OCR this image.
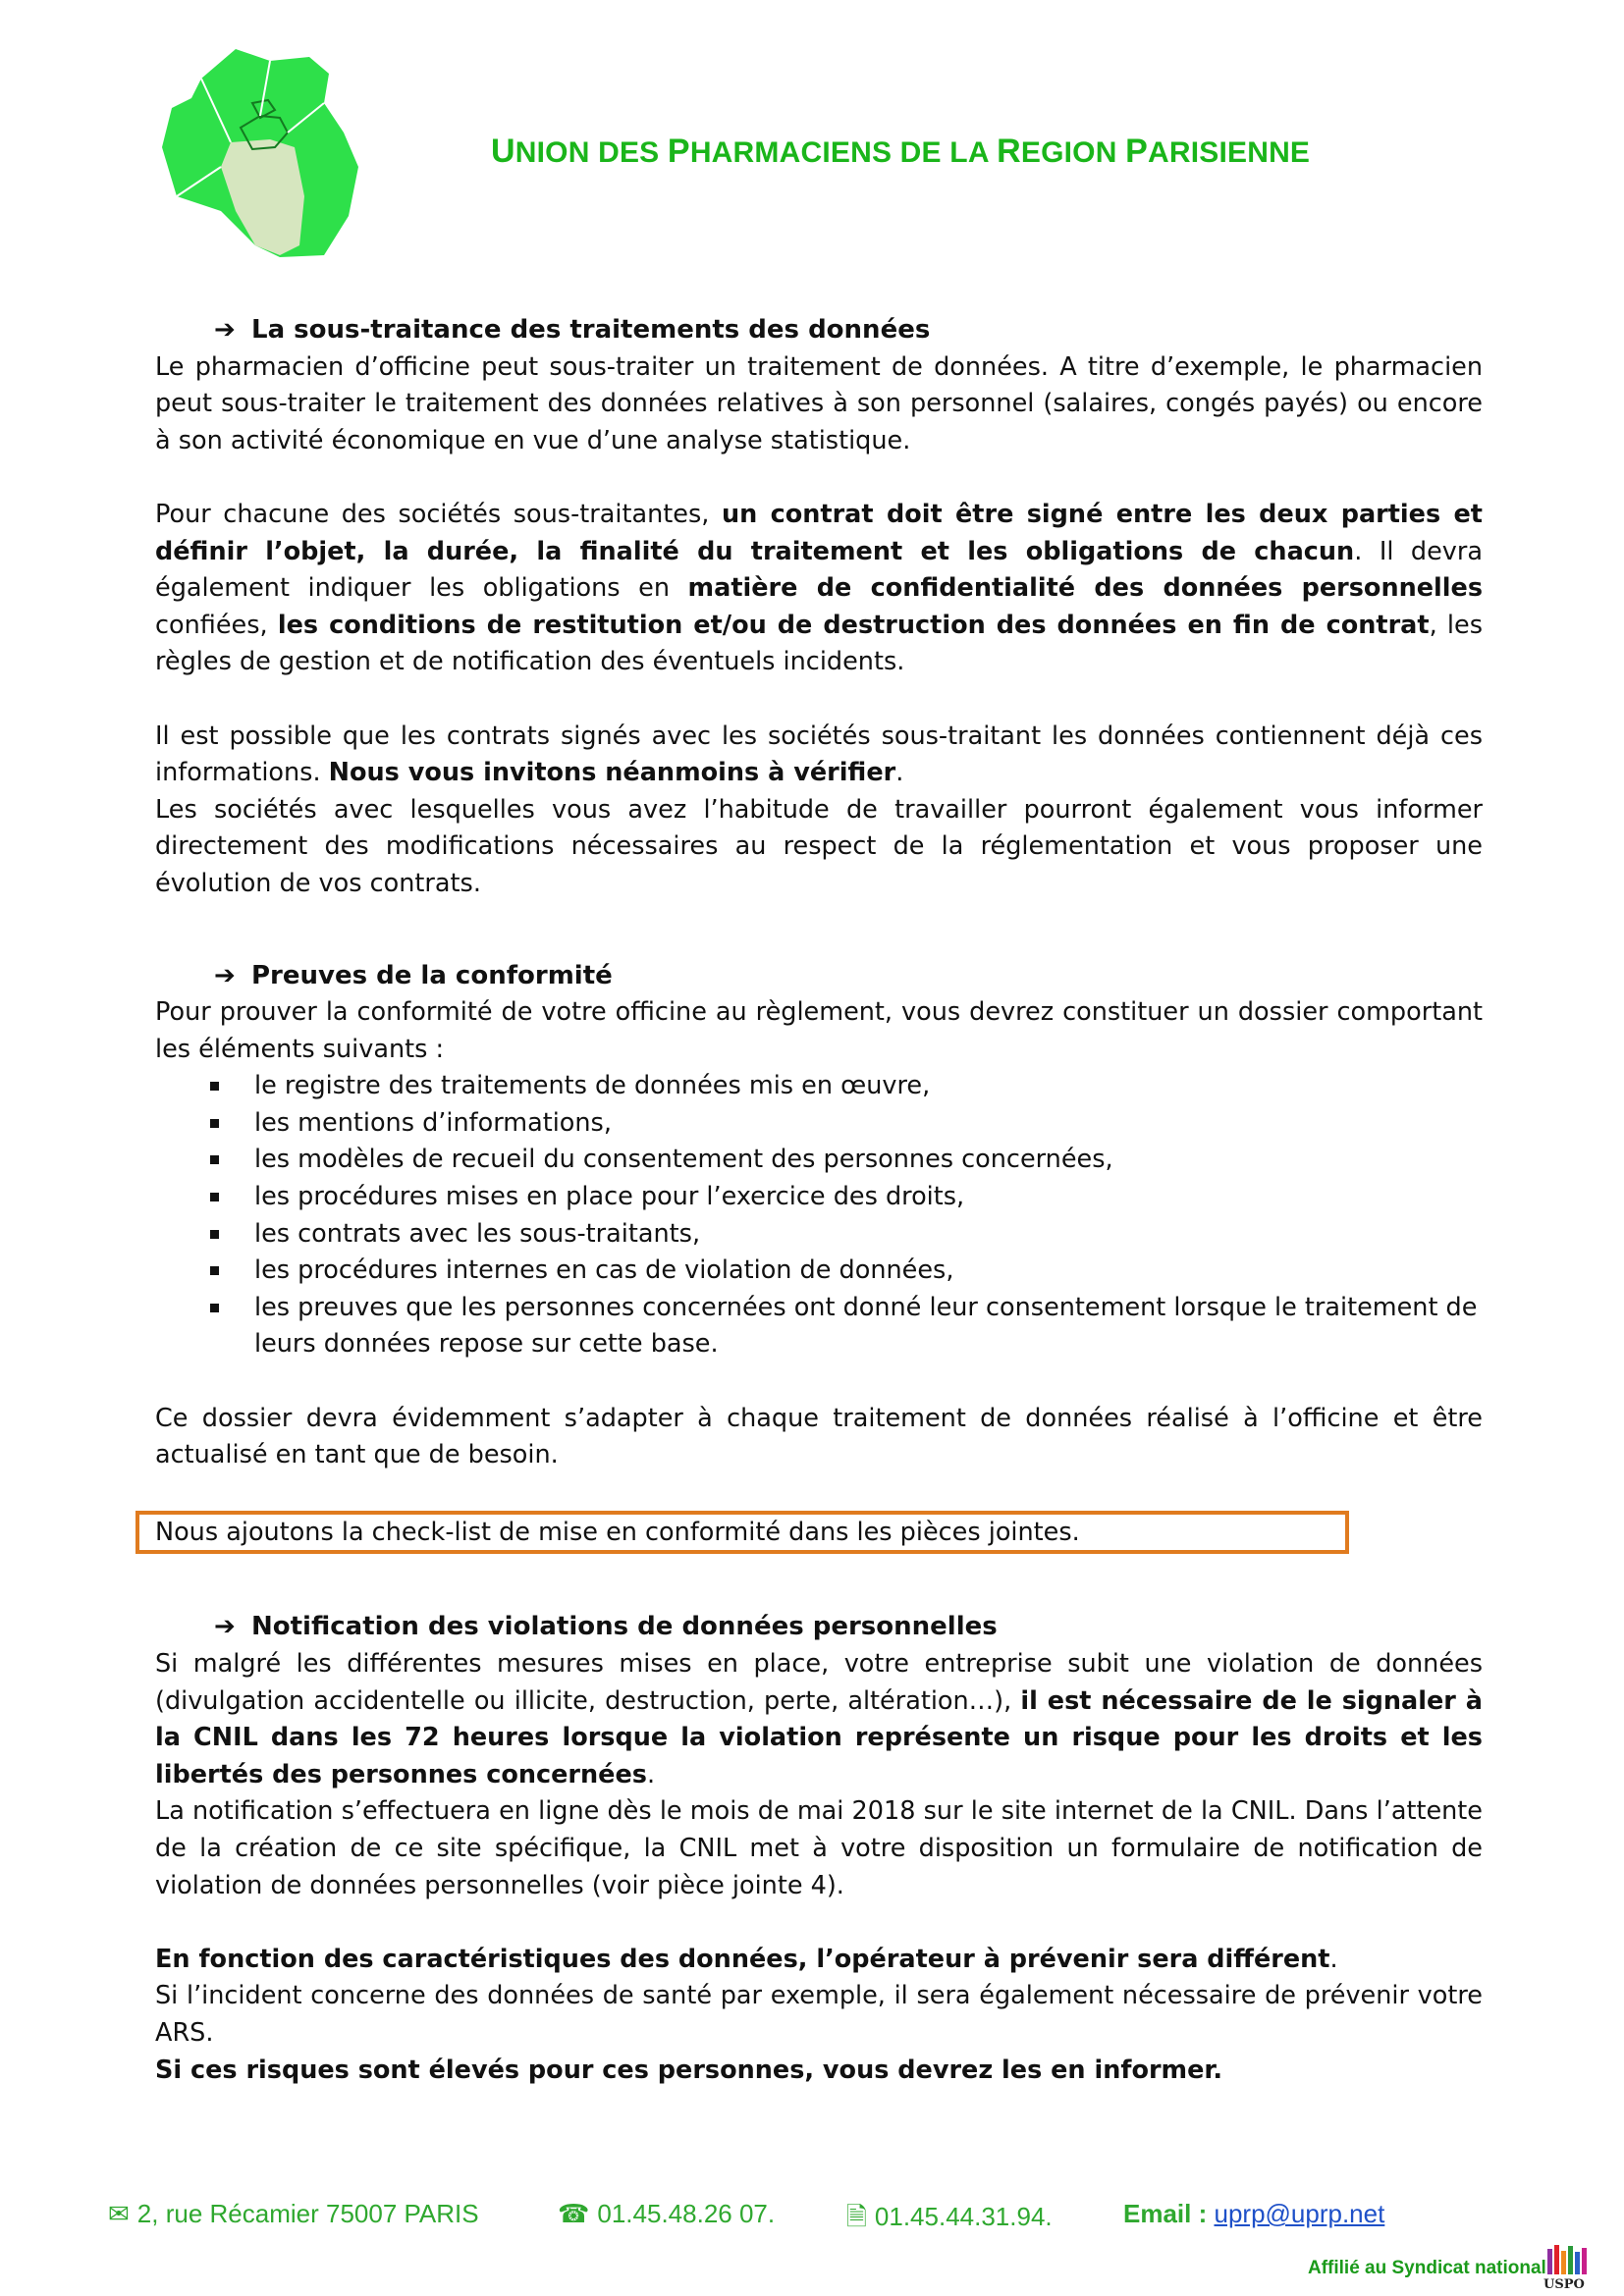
UNION DES PHARMACIENS DE LA REGION PARISIENNE
➔ La sous-traitance des traitements des données

Le pharmacien d’officine peut sous-traiter un traitement de données. A titre d’exemple, le pharmacien peut sous-traiter le traitement des données relatives à son personnel (salaires, congés payés) ou encore à son activité économique en vue d’une analyse statistique.

Pour chacune des sociétés sous-traitantes, un contrat doit être signé entre les deux parties et définir l’objet, la durée, la finalité du traitement et les obligations de chacun. Il devra également indiquer les obligations en matière de confidentialité des données personnelles confiées, les conditions de restitution et/ou de destruction des données en fin de contrat, les règles de gestion et de notification des éventuels incidents.

Il est possible que les contrats signés avec les sociétés sous-traitant les données contiennent déjà ces informations. Nous vous invitons néanmoins à vérifier.

Les sociétés avec lesquelles vous avez l’habitude de travailler pourront également vous informer directement des modifications nécessaires au respect de la réglementation et vous proposer une évolution de vos contrats.

➔ Preuves de la conformité

Pour prouver la conformité de votre officine au règlement, vous devrez constituer un dossier comportant les éléments suivants :

le registre des traitements de données mis en œuvre,
les mentions d’informations,
les modèles de recueil du consentement des personnes concernées,
les procédures mises en place pour l’exercice des droits,
les contrats avec les sous-traitants,
les procédures internes en cas de violation de données,
les preuves que les personnes concernées ont donné leur consentement lorsque le traitement de leurs données repose sur cette base.

Ce dossier devra évidemment s’adapter à chaque traitement de données réalisé à l’officine et être actualisé en tant que de besoin.

Nous ajoutons la check-list de mise en conformité dans les pièces jointes.
➔ Notification des violations de données personnelles

Si malgré les différentes mesures mises en place, votre entreprise subit une violation de données (divulgation accidentelle ou illicite, destruction, perte, altération…), il est nécessaire de le signaler à la CNIL dans les 72 heures lorsque la violation représente un risque pour les droits et les libertés des personnes concernées.

La notification s’effectuera en ligne dès le mois de mai 2018 sur le site internet de la CNIL. Dans l’attente de la création de ce site spécifique, la CNIL met à votre disposition un formulaire de notification de violation de données personnelles (voir pièce jointe 4).

En fonction des caractéristiques des données, l’opérateur à prévenir sera différent.

Si l’incident concerne des données de santé par exemple, il sera également nécessaire de prévenir votre ARS.

Si ces risques sont élevés pour ces personnes, vous devrez les en informer.

✉ 2, rue Récamier 75007 PARIS	☎ 01.45.48.26 07.	🗎 01.45.44.31.94.	Email : uprp@uprp.net
Affilié au Syndicat national
USPO
